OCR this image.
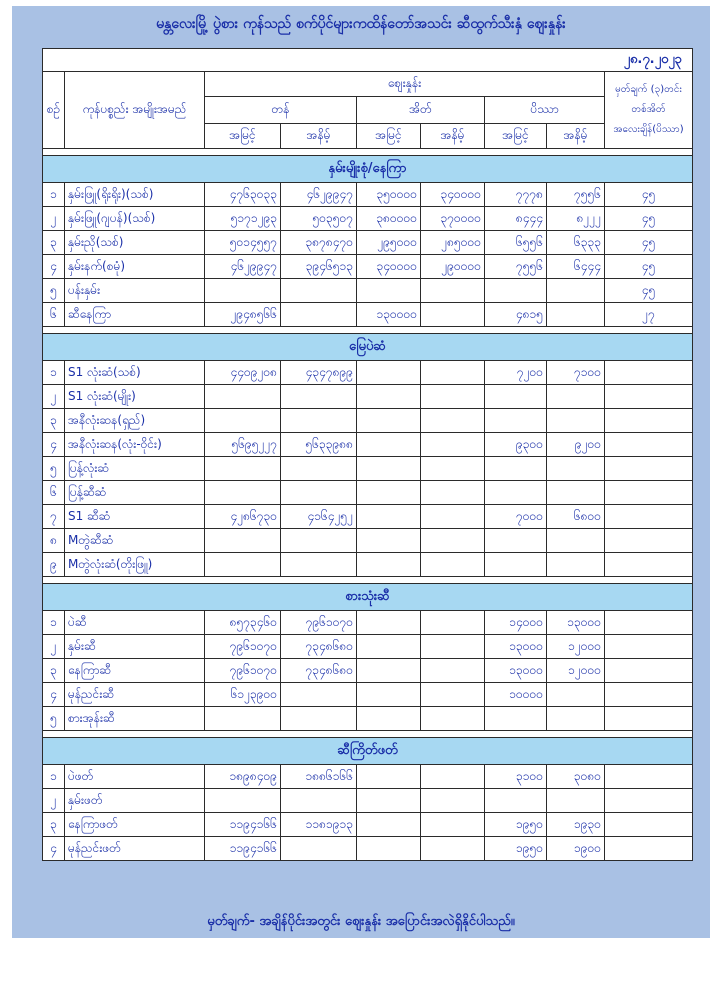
မန္တလေးမြို့ ပွဲစား ကုန်သည် စက်ပိုင်များကထိန်တော်အသင်း ဆီထွက်သီးနှံ ဈေးနှုန်း
၂၈.၇.၂၀၂၃								
စဉ်	ကုန်ပစ္စည်း အမျိုးအမည်	ဈေးနှုန်း						မှတ်ချက် (၃)တင်းတစ်အိတ် အလေးချိန်(ပိဿာ)
		တန်		အိတ်		ပိဿာ		
		အမြင့်	အနိမ့်	အမြင့်	အနိမ့်	အမြင့်	အနိမ့်	

နှမ်းမျိုးစုံ/နေကြာ								
၁	နှမ်းဖြူ(ရိုးရိုး)(သစ်)	၄၇၆၃၀၃၃	၄၆၂၉၉၄၇	၃၅၀၀၀၀	၃၄၀၀၀၀	၇၇၇၈	၇၅၅၆	၄၅
၂	နှမ်းဖြူ(ဂျပန်)(သစ်)	၅၁၇၁၂၉၃	၅၀၃၅၀၇	၃၈၀၀၀၀	၃၇၀၀၀၀	၈၄၄၄	၈၂၂၂	၄၅
၃	နှမ်းညို(သစ်)	၅၀၁၄၅၅၇	၃၈၇၈၄၇၀	၂၉၅၀၀၀	၂၈၅၀၀၀	၆၅၅၆	၆၃၃၃	၄၅
၄	နှမ်းနက်(စမုံ)	၄၆၂၉၉၄၇	၃၉၄၆၅၁၃	၃၄၀၀၀၀	၂၉၀၀၀၀	၇၅၅၆	၆၄၄၄	၄၅
၅	ပန်းနှမ်း							၄၅
၆	ဆီနေကြာ	၂၉၄၈၅၆၆		၁၃၀၀၀၀		၄၈၁၅		၂၇

မြေပဲဆံ								
၁	S1 လုံးဆံ(သစ်)	၄၄၀၉၂၀၈	၄၃၄၇၈၉၉			၇၂၀၀	၇၁၀၀	
၂	S1 လုံးဆံ(မျိုး)							
၃	အနီလုံးဆန(ရှည်)							
၄	အနီလုံးဆန(လုံး-ဝိုင်း)	၅၆၉၅၂၂၇	၅၆၃၃၉၈၈			၉၃၀၀	၉၂၀၀	
၅	ပြန့်လုံးဆံ							
၆	ပြန့်ဆီဆံ							
၇	S1 ဆီဆံ	၄၂၈၆၇၃၀	၄၁၆၄၂၅၂			၇၀၀၀	၆၈၀၀	
၈	Mတွဲဆီဆံ							
၉	Mတွဲလုံးဆံ(တိုးဖြူ)							

စားသုံးဆီ								
၁	ပဲဆီ	၈၅၇၃၄၆၀	၇၉၆၁၀၇၀			၁၄၀၀၀	၁၃၀၀၀	
၂	နှမ်းဆီ	၇၉၆၁၀၇၀	၇၃၄၈၆၈၀			၁၃၀၀၀	၁၂၀၀၀	
၃	နေကြာဆီ	၇၉၆၁၀၇၀	၇၃၄၈၆၈၀			၁၃၀၀၀	၁၂၀၀၀	
၄	မုန်ညင်းဆီ	၆၁၂၃၉၀၀				၁၀၀၀၀		
၅	စားအုန်းဆီ							

ဆီကြိတ်ဖတ်								
၁	ပဲဖတ်	၁၈၉၈၄၀၉	၁၈၈၆၁၆၆			၃၁၀၀	၃၀၈၀	
၂	နှမ်းဖတ်							
၃	နေကြာဖတ်	၁၁၉၄၁၆၆	၁၁၈၁၉၁၃			၁၉၅၀	၁၉၃၀	
၄	မုန်ညင်းဖတ်	၁၁၉၄၁၆၆				၁၉၅၀	၁၉၀၀	
မှတ်ချက်- အချိန်ပိုင်းအတွင်း ဈေးနှုန်း အပြောင်းအလဲရှိနိုင်ပါသည်။
